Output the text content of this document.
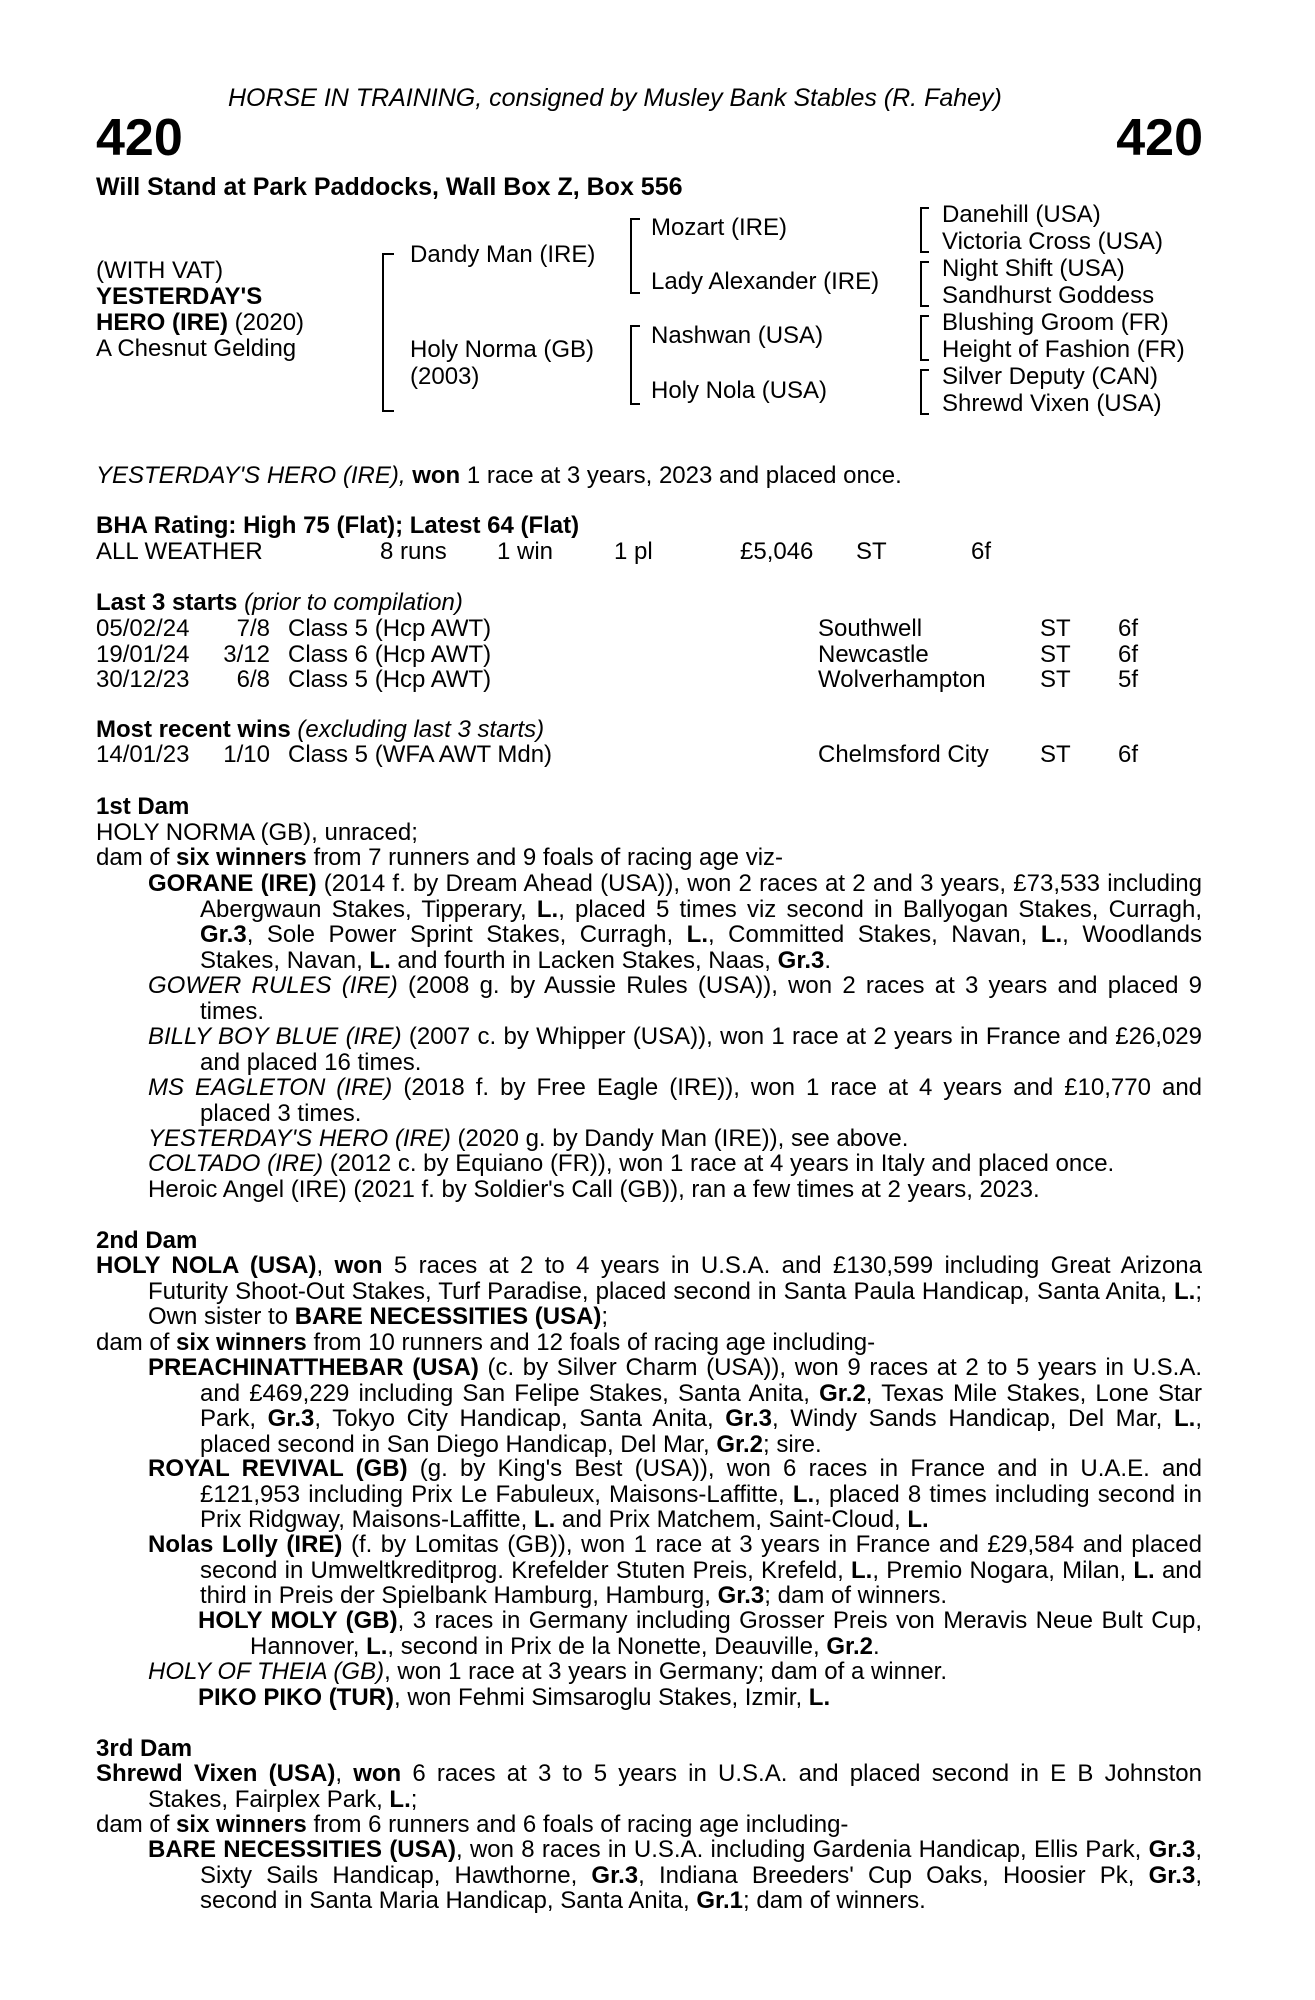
HORSE IN TRAINING, consigned by Musley Bank Stables (R. Fahey)
420	420
Will Stand at Park Paddocks, Wall Box Z, Box 556
(WITH VAT)
YESTERDAY'S
HERO (IRE) (2020)
A Chesnut Gelding
Dandy Man (IRE)
Holy Norma (GB)
(2003)
Mozart (IRE)
Lady Alexander (IRE)
Nashwan (USA)
Holy Nola (USA)
Danehill (USA)
Victoria Cross (USA)
Night Shift (USA)
Sandhurst Goddess
Blushing Groom (FR)
Height of Fashion (FR)
Silver Deputy (CAN)
Shrewd Vixen (USA)
YESTERDAY'S HERO (IRE), won 1 race at 3 years, 2023 and placed once.
BHA Rating: High 75 (Flat); Latest 64 (Flat)
ALL WEATHER	8 runs 1 win	1 pl	£5,046 ST	6f
Last 3 starts (prior to compilation)
05/02/24	7/8 Class 5 (Hcp AWT)	Southwell	ST 6f
19/01/24 3/12 Class 6 (Hcp AWT)	Newcastle	ST 6f
30/12/23	6/8 Class 5 (Hcp AWT)	Wolverhampton ST 5f
Most recent wins (excluding last 3 starts)
14/01/23 1/10 Class 5 (WFA AWT Mdn)	Chelmsford City ST 6f
1st Dam
HOLY NORMA (GB), unraced;
dam of six winners from 7 runners and 9 foals of racing age viz-
GORANE (IRE) (2014 f. by Dream Ahead (USA)), won 2 races at 2 and 3 years, £73,533 including Abergwaun Stakes, Tipperary, L., placed 5 times viz second in Ballyogan Stakes, Curragh, Gr.3, Sole Power Sprint Stakes, Curragh, L., Committed Stakes, Navan, L., Woodlands Stakes, Navan, L. and fourth in Lacken Stakes, Naas, Gr.3.
GOWER RULES (IRE) (2008 g. by Aussie Rules (USA)), won 2 races at 3 years and placed 9 times.
BILLY BOY BLUE (IRE) (2007 c. by Whipper (USA)), won 1 race at 2 years in France and £26,029 and placed 16 times.
MS EAGLETON (IRE) (2018 f. by Free Eagle (IRE)), won 1 race at 4 years and £10,770 and placed 3 times.
YESTERDAY'S HERO (IRE) (2020 g. by Dandy Man (IRE)), see above.
COLTADO (IRE) (2012 c. by Equiano (FR)), won 1 race at 4 years in Italy and placed once.
Heroic Angel (IRE) (2021 f. by Soldier's Call (GB)), ran a few times at 2 years, 2023.
2nd Dam
HOLY NOLA (USA), won 5 races at 2 to 4 years in U.S.A. and £130,599 including Great Arizona Futurity Shoot-Out Stakes, Turf Paradise, placed second in Santa Paula Handicap, Santa Anita, L.; Own sister to BARE NECESSITIES (USA);
dam of six winners from 10 runners and 12 foals of racing age including-
PREACHINATTHEBAR (USA) (c. by Silver Charm (USA)), won 9 races at 2 to 5 years in U.S.A. and £469,229 including San Felipe Stakes, Santa Anita, Gr.2, Texas Mile Stakes, Lone Star Park, Gr.3, Tokyo City Handicap, Santa Anita, Gr.3, Windy Sands Handicap, Del Mar, L., placed second in San Diego Handicap, Del Mar, Gr.2; sire.
ROYAL REVIVAL (GB) (g. by King's Best (USA)), won 6 races in France and in U.A.E. and £121,953 including Prix Le Fabuleux, Maisons-Laffitte, L., placed 8 times including second in Prix Ridgway, Maisons-Laffitte, L. and Prix Matchem, Saint-Cloud, L.
Nolas Lolly (IRE) (f. by Lomitas (GB)), won 1 race at 3 years in France and £29,584 and placed second in Umweltkreditprog. Krefelder Stuten Preis, Krefeld, L., Premio Nogara, Milan, L. and third in Preis der Spielbank Hamburg, Hamburg, Gr.3; dam of winners.
HOLY MOLY (GB), 3 races in Germany including Grosser Preis von Meravis Neue Bult Cup, Hannover, L., second in Prix de la Nonette, Deauville, Gr.2.
HOLY OF THEIA (GB), won 1 race at 3 years in Germany; dam of a winner.
PIKO PIKO (TUR), won Fehmi Simsaroglu Stakes, Izmir, L.
3rd Dam
Shrewd Vixen (USA), won 6 races at 3 to 5 years in U.S.A. and placed second in E B Johnston Stakes, Fairplex Park, L.;
dam of six winners from 6 runners and 6 foals of racing age including-
BARE NECESSITIES (USA), won 8 races in U.S.A. including Gardenia Handicap, Ellis Park, Gr.3, Sixty Sails Handicap, Hawthorne, Gr.3, Indiana Breeders' Cup Oaks, Hoosier Pk, Gr.3, second in Santa Maria Handicap, Santa Anita, Gr.1; dam of winners.
